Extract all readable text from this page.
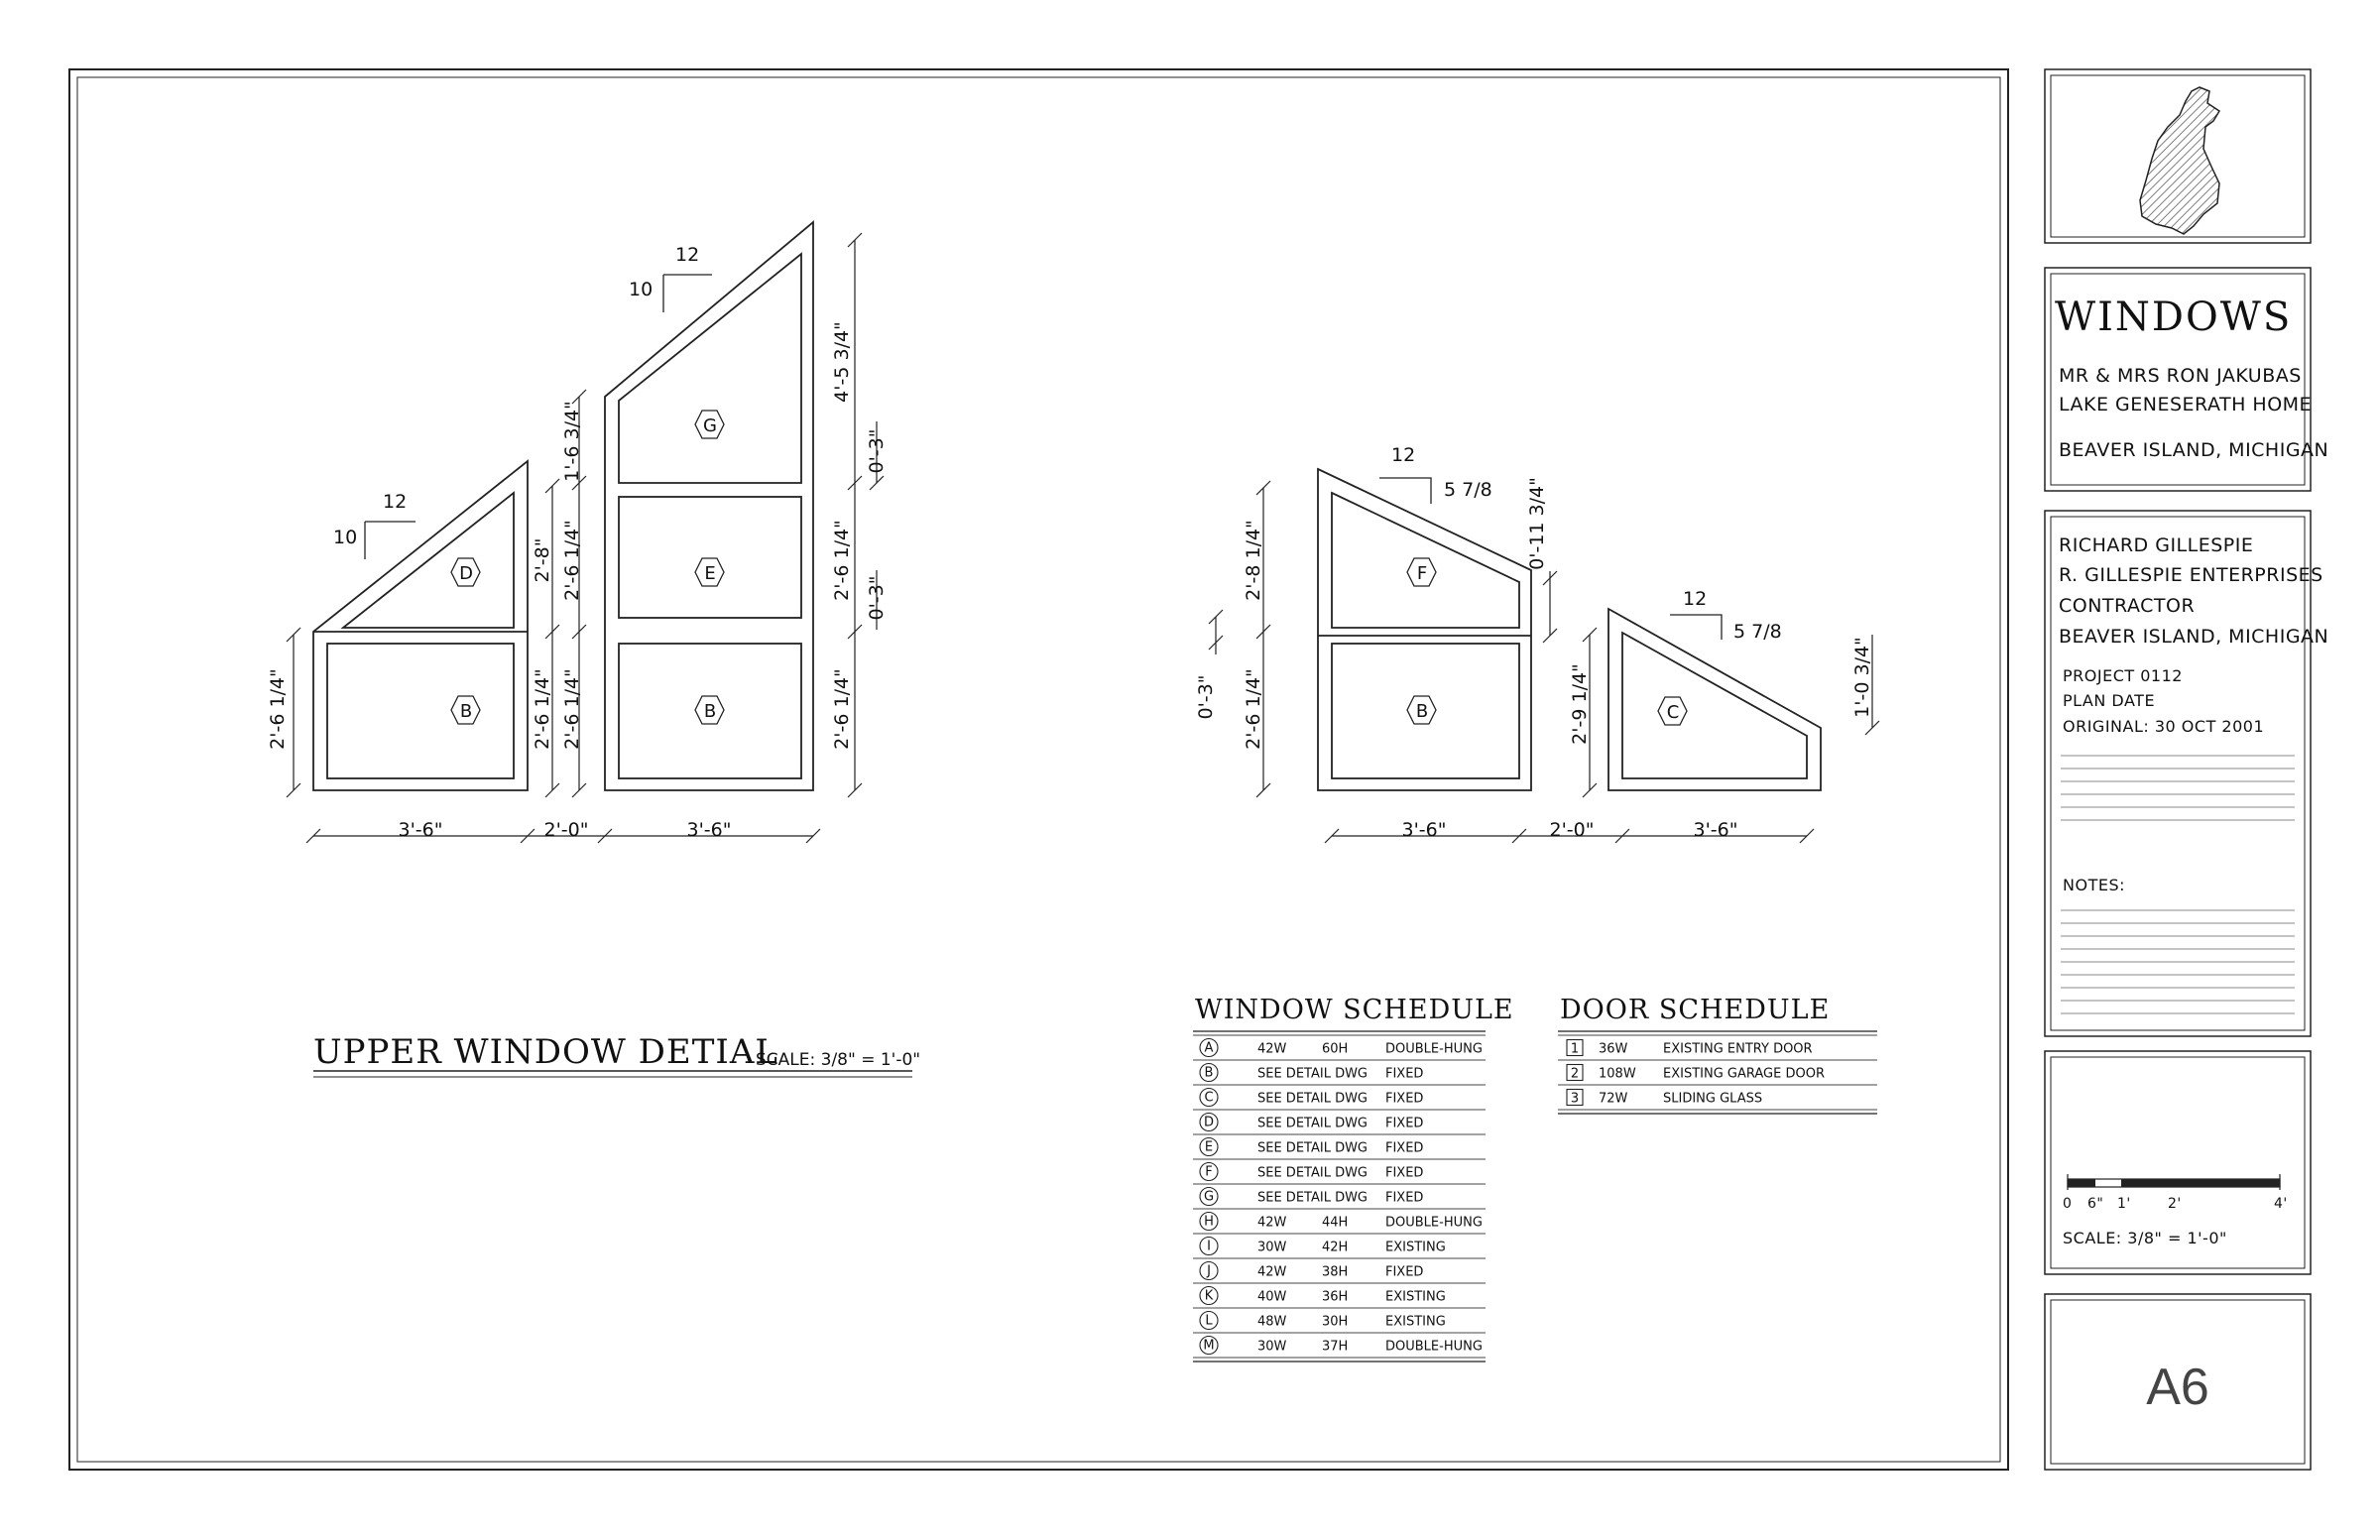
WINDOWS
MR & MRS RON JAKUBAS
LAKE GENESERATH HOME
BEAVER ISLAND, MICHIGAN
RICHARD GILLESPIE
R. GILLESPIE ENTERPRISES
CONTRACTOR
BEAVER ISLAND, MICHIGAN
PROJECT 0112
PLAN DATE
ORIGINAL: 30 OCT 2001
NOTES:
0 6" 1'	2'	4'
SCALE: 3/8" = 1'-0"
A6
D
B
G
E
B
12
10
12
10
2'-6 1/4"
2'-8"
2'-6 1/4"
1'-6 3/4"
2'-6 1/4"
2'-6 1/4"
4'-5 3/4"
0'-3"
2'-6 1/4" 0'-3"
2'-6 1/4"
3'-6"	2'-0"	3'-6"
F
B	C
12
5 7/8
12
5 7/8
2'-8 1/4"
0'-3" 2'-6 1/4"
0'-11 3/4"
2'-9 1/4"	1'-0 3/4"
3'-6"	2'-0"	3'-6"
UPPER WINDOW DETIAL
SCALE: 3/8" = 1'-0"
WINDOW SCHEDULE
A	42W	60H	DOUBLE-HUNG
B	SEE DETAIL DWG FIXED
C	SEE DETAIL DWG FIXED
D	SEE DETAIL DWG FIXED
E	SEE DETAIL DWG FIXED
F	SEE DETAIL DWG FIXED
G	SEE DETAIL DWG FIXED
H	42W	44H	DOUBLE-HUNG
I	30W	42H	EXISTING
J	42W	38H	FIXED
K	40W	36H	EXISTING
L	48W	30H	EXISTING
M	30W	37H	DOUBLE-HUNG
DOOR SCHEDULE
1 36W	EXISTING ENTRY DOOR
2 108W EXISTING GARAGE DOOR
3 72W	SLIDING GLASS
